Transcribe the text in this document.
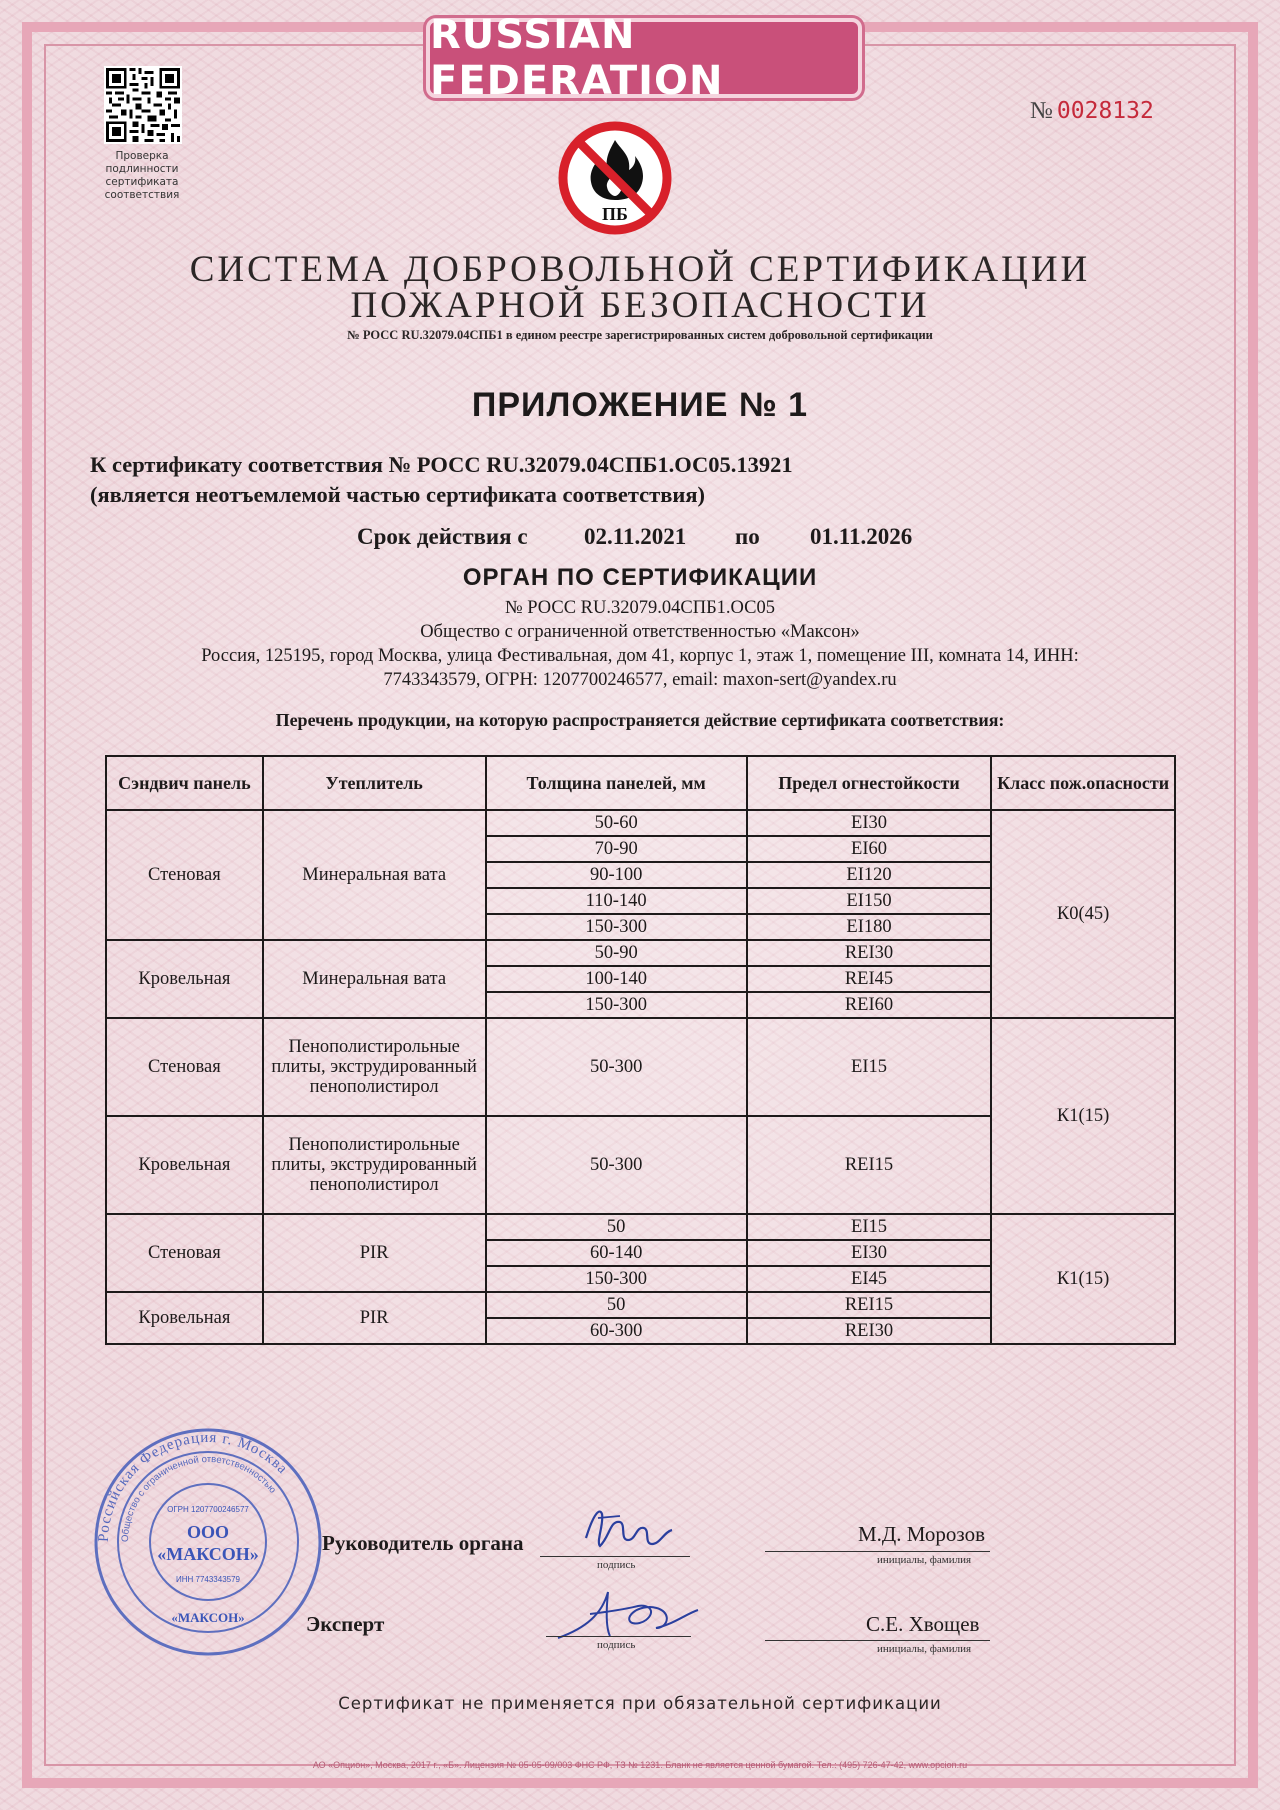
RUSSIAN FEDERATION
Проверка
подлинности
сертификата
соответствия
№ 0028132
ПБ
СИСТЕМА ДОБРОВОЛЬНОЙ СЕРТИФИКАЦИИ
ПОЖАРНОЙ БЕЗОПАСНОСТИ
№ РОСС RU.32079.04СПБ1 в едином реестре зарегистрированных систем добровольной сертификации
ПРИЛОЖЕНИЕ № 1
К сертификату соответствия № РОСС RU.32079.04СПБ1.ОС05.13921
(является неотъемлемой частью сертификата соответствия)
Срок действия с 02.11.2021 по 01.11.2026
ОРГАН ПО СЕРТИФИКАЦИИ
№ РОСС RU.32079.04СПБ1.ОС05
Общество с ограниченной ответственностью «Максон»
Россия, 125195, город Москва, улица Фестивальная, дом 41, корпус 1, этаж 1, помещение III, комната 14, ИНН:
7743343579, ОГРН: 1207700246577, email: maxon-sert@yandex.ru
Перечень продукции, на которую распространяется действие сертификата соответствия:
Сэндвич панель	Утеплитель	Толщина панелей, мм	Предел огнестойкости	Класс пож.опасности
Стеновая	Минеральная вата	50-60	EI30	К0(45)
		70-90	EI60	
		90-100	EI120	
		110-140	EI150	
		150-300	EI180	
Кровельная	Минеральная вата	50-90	REI30	
		100-140	REI45	
		150-300	REI60	
Стеновая	Пенополистирольные плиты, экструдированный пенополистирол	50-300	EI15	К1(15)
Кровельная	Пенополистирольные плиты, экструдированный пенополистирол	50-300	REI15	
Стеновая	PIR	50	EI15	К1(15)
		60-140	EI30	
		150-300	EI45	
Кровельная	PIR	50	REI15	
		60-300	REI30	
Российская Федерация г. Москва
Общество с ограниченной ответственностью
ОГРН 1207700246577
ООО
«МАКСОН»
ИНН 7743343579
«МАКСОН»
Руководитель органа
подпись
М.Д. Морозов
инициалы, фамилия
Эксперт
подпись
С.Е. Хвощев
инициалы, фамилия
Сертификат не применяется при обязательной сертификации
АО «Опцион», Москва, 2017 г., «Б». Лицензия № 05-05-09/003 ФНС РФ, ТЗ № 1231. Бланк не является ценной бумагой. Тел.: (495) 726-47-42, www.opcion.ru
